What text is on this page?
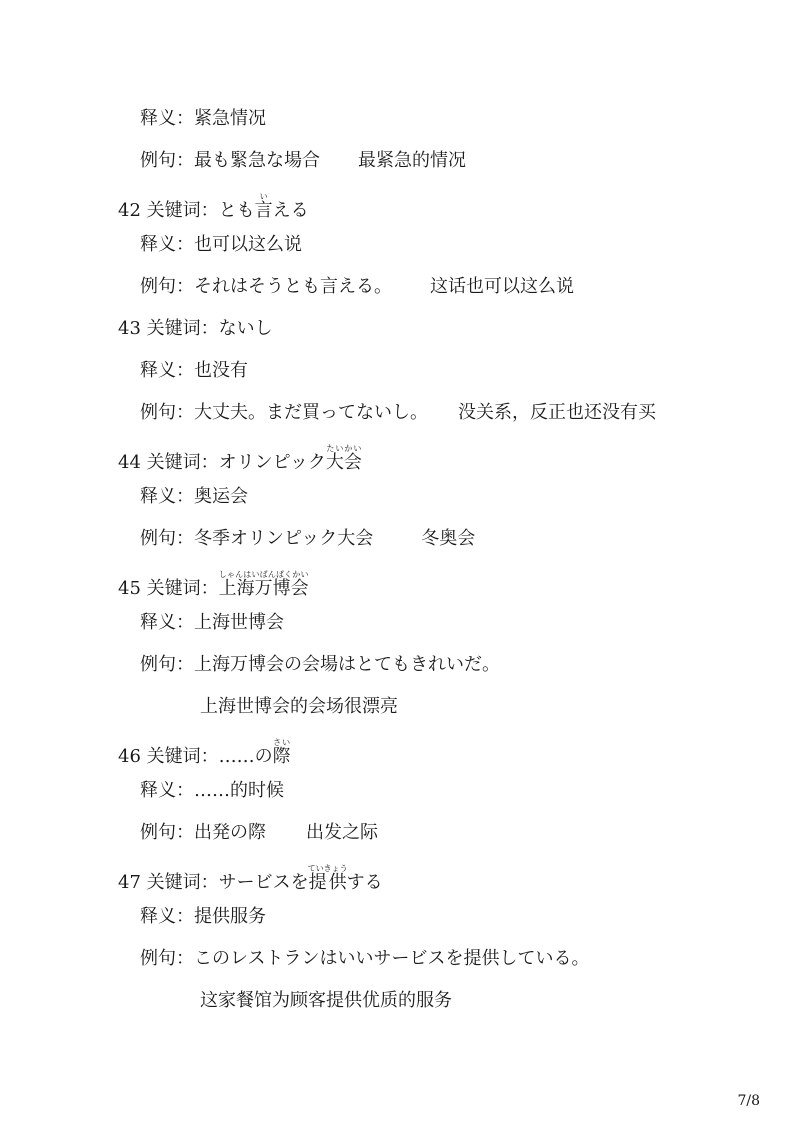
释义：紧急情况
例句：最も緊急な場合 最紧急的情况
42 关键词：とも言いえる
释义：也可以这么说
例句：それはそうとも言える。 这话也可以这么说
43 关键词：ないし
释义：也没有
例句：大丈夫。まだ買ってないし。 没关系，反正也还没有买
44 关键词：オリンピック大会たいかい
释义：奥运会
例句：冬季オリンピック大会	冬奥会
45 关键词：上海万博会しゃんはいばんぱくかい
释义：上海世博会
例句：上海万博会の会場はとてもきれいだ。
上海世博会的会场很漂亮
46 关键词：……の際さい
释义：……的时候
例句：出発の際 出发之际
47 关键词：サービスを提供ていきょうする
释义：提供服务
例句：このレストランはいいサービスを提供している。
这家餐馆为顾客提供优质的服务
7/8
